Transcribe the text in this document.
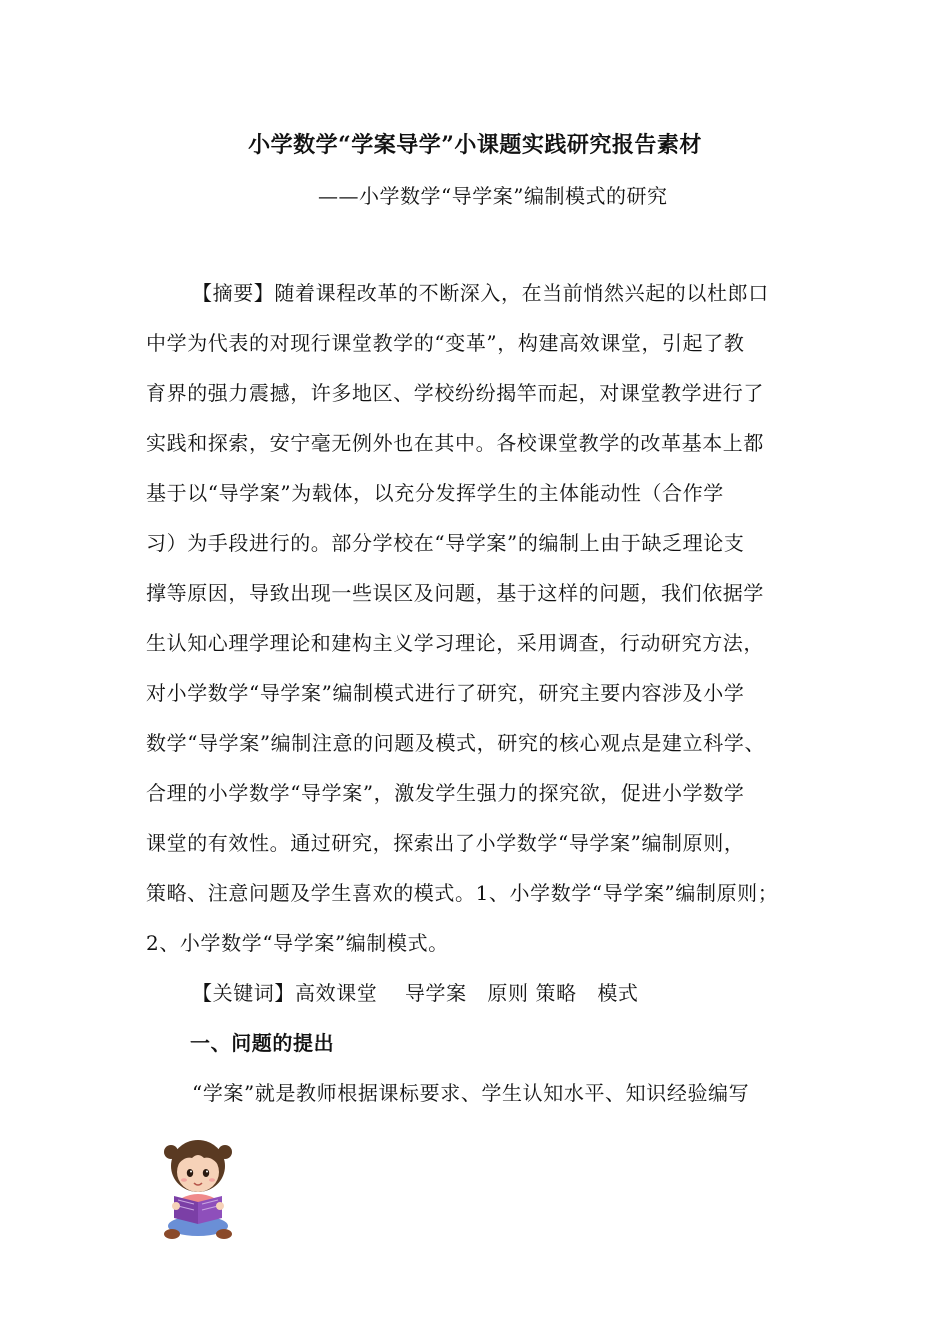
小学数学“学案导学”小课题实践研究报告素材
——小学数学“导学案”编制模式的研究
【摘要】随着课程改革的不断深入，在当前悄然兴起的以杜郎口
中学为代表的对现行课堂教学的“变革”，构建高效课堂，引起了教
育界的强力震撼，许多地区、学校纷纷揭竿而起，对课堂教学进行了
实践和探索，安宁毫无例外也在其中。各校课堂教学的改革基本上都
基于以“导学案”为载体，以充分发挥学生的主体能动性（合作学
习）为手段进行的。部分学校在“导学案”的编制上由于缺乏理论支
撑等原因，导致出现一些误区及问题，基于这样的问题，我们依据学
生认知心理学理论和建构主义学习理论，采用调查，行动研究方法，
对小学数学“导学案”编制模式进行了研究，研究主要内容涉及小学
数学“导学案”编制注意的问题及模式，研究的核心观点是建立科学、
合理的小学数学“导学案”，激发学生强力的探究欲，促进小学数学
课堂的有效性。通过研究，探索出了小学数学“导学案”编制原则，
策略、注意问题及学生喜欢的模式。1、小学数学“导学案”编制原则；
2、小学数学“导学案”编制模式。
【关键词】高效课堂　 导学案　原则 策略　模式
一、问题的提出
“学案”就是教师根据课标要求、学生认知水平、知识经验编写
